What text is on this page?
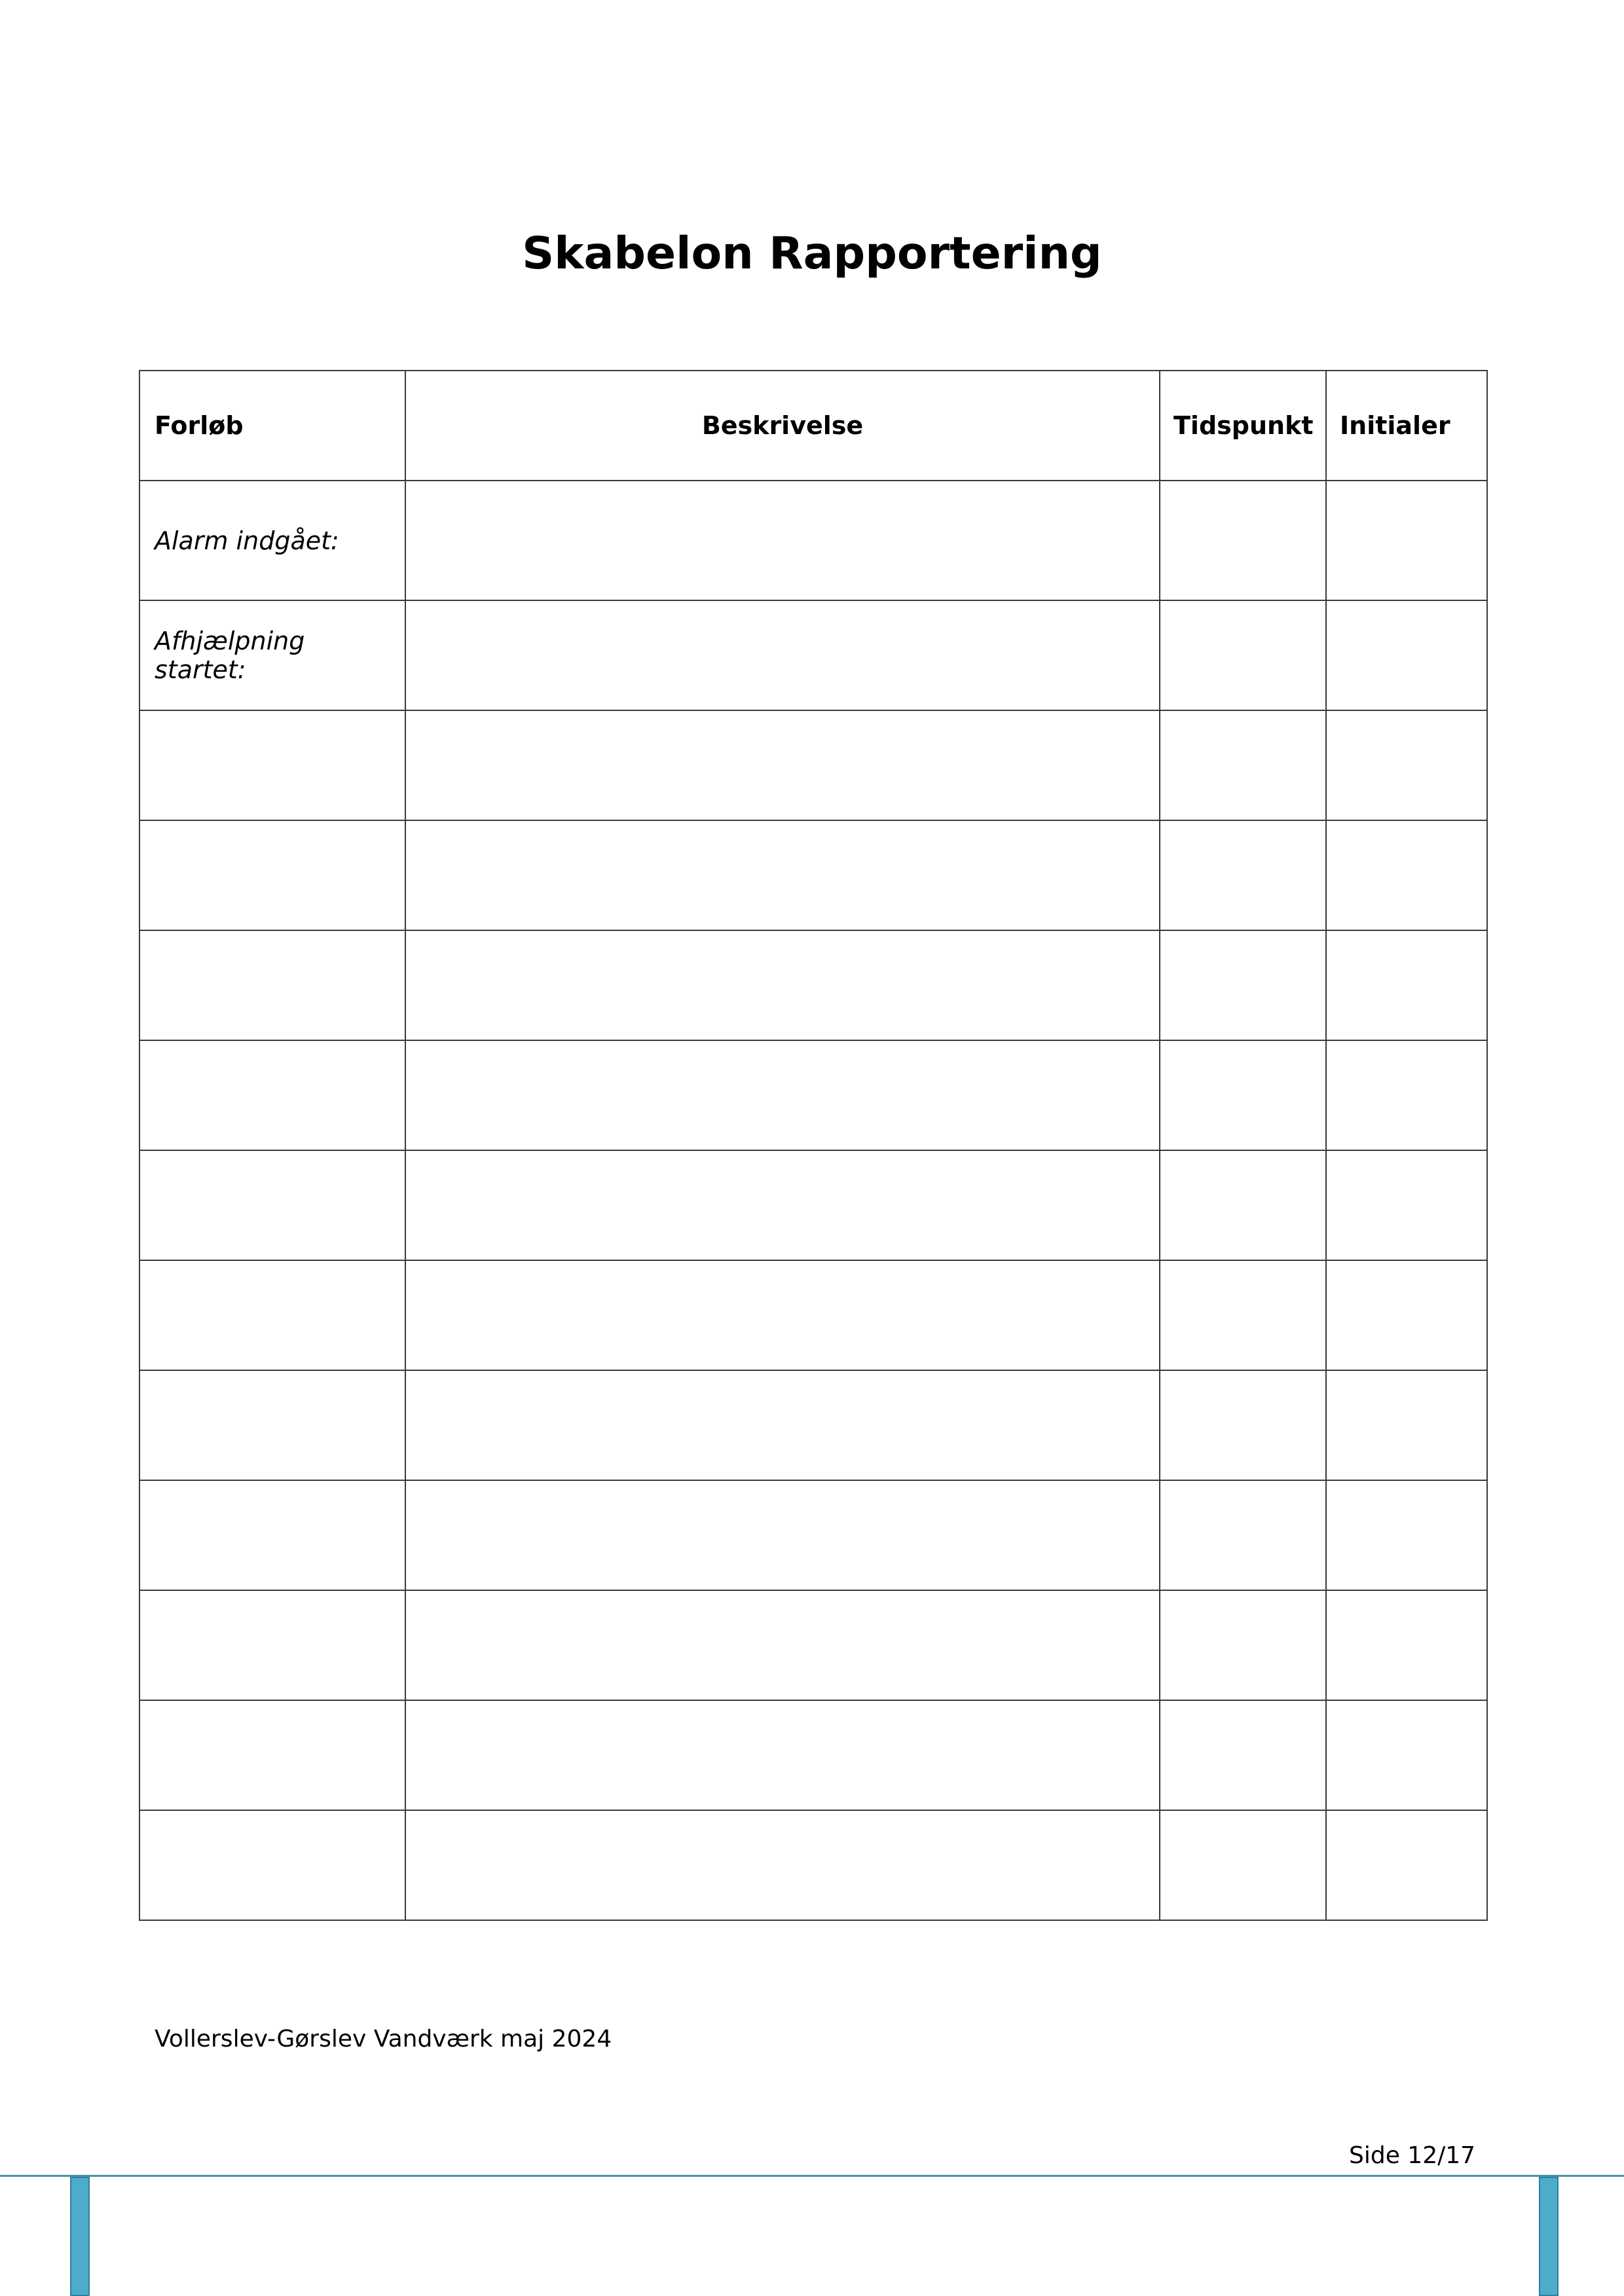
Skabelon Rapportering
Forløb	Beskrivelse	Tidspunkt	Initialer
Alarm indgået:			
Afhjælpning startet:			

Vollerslev-Gørslev Vandværk maj 2024
Side 12/17
